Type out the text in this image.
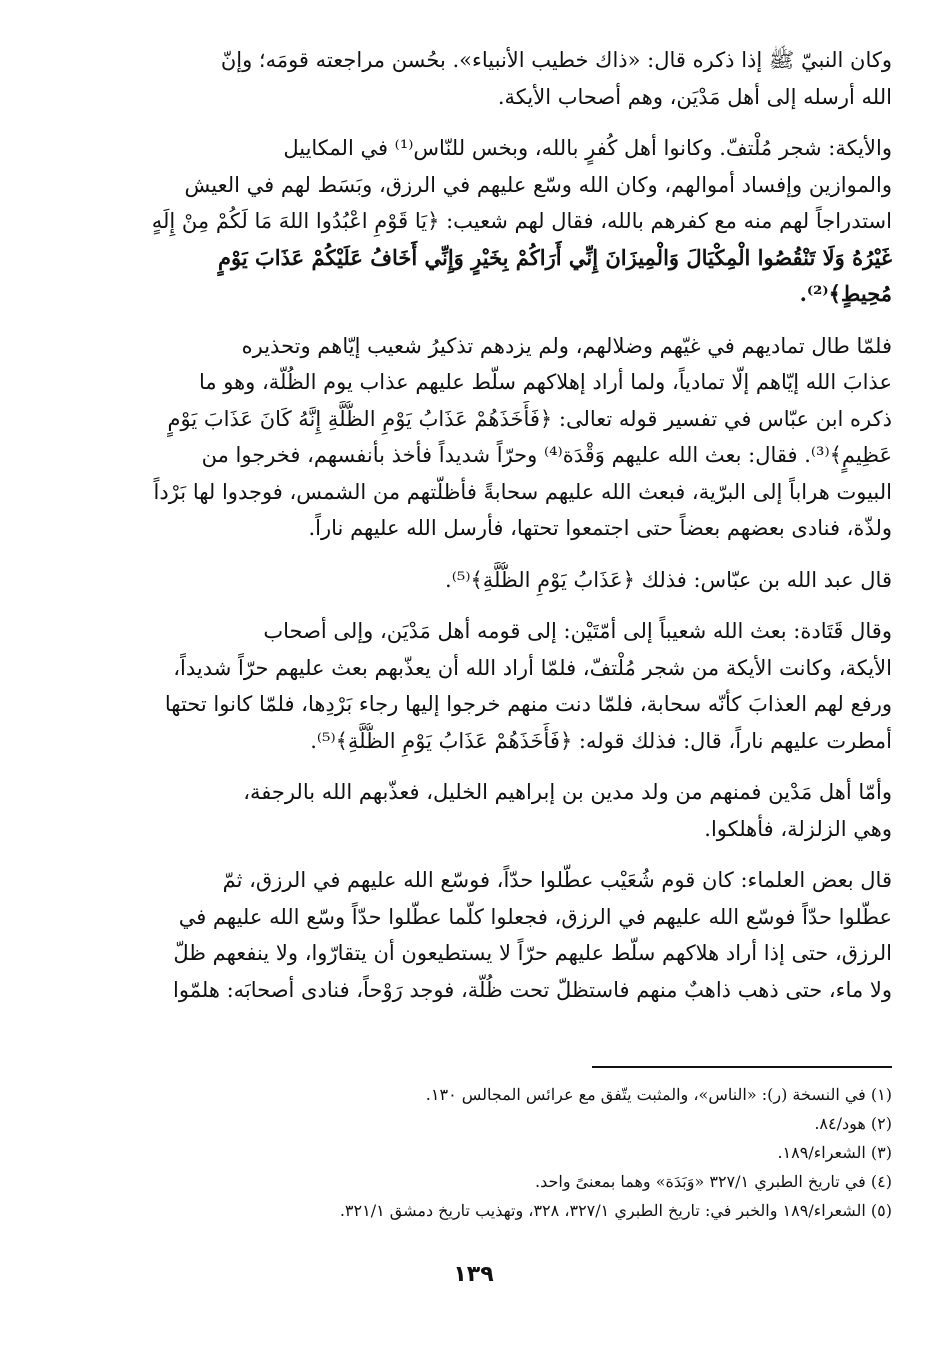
وكان النبيّ ﷺ إذا ذكره قال: «ذاك خطيب الأنبياء». بحُسن مراجعته قومَه؛ وإنّ
الله أرسله إلى أهل مَدْيَن، وهم أصحاب الأيكة.

والأيكة: شجر مُلْتفّ. وكانوا أهل كُفرٍ بالله، وبخس للنّاس⁽¹⁾ في المكاييل
والموازين وإفساد أموالهم، وكان الله وسّع عليهم في الرزق، وبَسَط لهم في العيش
استدراجاً لهم منه مع كفرهم بالله، فقال لهم شعيب: ﴿يَا قَوْمِ اعْبُدُوا اللهَ مَا لَكُمْ مِنْ إِلَهٍ
غَيْرُهُ وَلَا تَنْقُصُوا الْمِكْيَالَ وَالْمِيزَانَ إِنِّي أَرَاكُمْ بِخَيْرٍ وَإِنِّي أَخَافُ عَلَيْكُمْ عَذَابَ يَوْمٍ
مُحِيطٍ﴾⁽²⁾.

فلمّا طال تماديهم في غيّهم وضلالهم، ولم يزدهم تذكيرُ شعيب إيّاهم وتحذيره
عذابَ الله إيّاهم إلّا تمادياً، ولما أراد إهلاكهم سلّط عليهم عذاب يوم الظُلّة، وهو ما
ذكره ابن عبّاس في تفسير قوله تعالى: ﴿فَأَخَذَهُمْ عَذَابُ يَوْمِ الظُّلَّةِ إِنَّهُ كَانَ عَذَابَ يَوْمٍ
عَظِيمٍ﴾⁽³⁾. فقال: بعث الله عليهم وَقْدَة⁽⁴⁾ وحرّاً شديداً فأخذ بأنفسهم، فخرجوا من
البيوت هراباً إلى البرّية، فبعث الله عليهم سحابةً فأظلّتهم من الشمس، فوجدوا لها بَرْداً
ولذّة، فنادى بعضهم بعضاً حتى اجتمعوا تحتها، فأرسل الله عليهم ناراً.

قال عبد الله بن عبّاس: فذلك ﴿عَذَابُ يَوْمِ الظُّلَّةِ﴾⁽⁵⁾.

وقال قَتَادة: بعث الله شعيباً إلى أمّتَيْن: إلى قومه أهل مَدْيَن، وإلى أصحاب
الأيكة، وكانت الأيكة من شجر مُلْتفّ، فلمّا أراد الله أن يعذّبهم بعث عليهم حرّاً شديداً،
ورفع لهم العذابَ كأنّه سحابة، فلمّا دنت منهم خرجوا إليها رجاء بَرْدِها، فلمّا كانوا تحتها
أمطرت عليهم ناراً، قال: فذلك قوله: ﴿فَأَخَذَهُمْ عَذَابُ يَوْمِ الظُّلَّةِ﴾⁽⁵⁾.

وأمّا أهل مَدْين فمنهم من ولد مدين بن إبراهيم الخليل، فعذّبهم الله بالرجفة،
وهي الزلزلة، فأهلكوا.

قال بعض العلماء: كان قوم شُعَيْب عطّلوا حدّاً، فوسّع الله عليهم في الرزق، ثمّ
عطّلوا حدّاً فوسّع الله عليهم في الرزق، فجعلوا كلّما عطّلوا حدّاً وسّع الله عليهم في
الرزق، حتى إذا أراد هلاكهم سلّط عليهم حرّاً لا يستطيعون أن يتقارّوا، ولا ينفعهم ظلّ
ولا ماء، حتى ذهب ذاهبٌ منهم فاستظلّ تحت ظُلّة، فوجد رَوْحاً، فنادى أصحابَه: هلمّوا

(١) في النسخة (ر): «الناس»، والمثبت يتّفق مع عرائس المجالس ١٣٠.
(٢) هود/٨٤.
(٣) الشعراء/١٨٩.
(٤) في تاريخ الطبري ٣٢٧/١ «وَبَدَة» وهما بمعنىً واحد.
(٥) الشعراء/١٨٩ والخبر في: تاريخ الطبري ٣٢٧/١، ٣٢٨، وتهذيب تاريخ دمشق ٣٢١/١.
١٣٩
